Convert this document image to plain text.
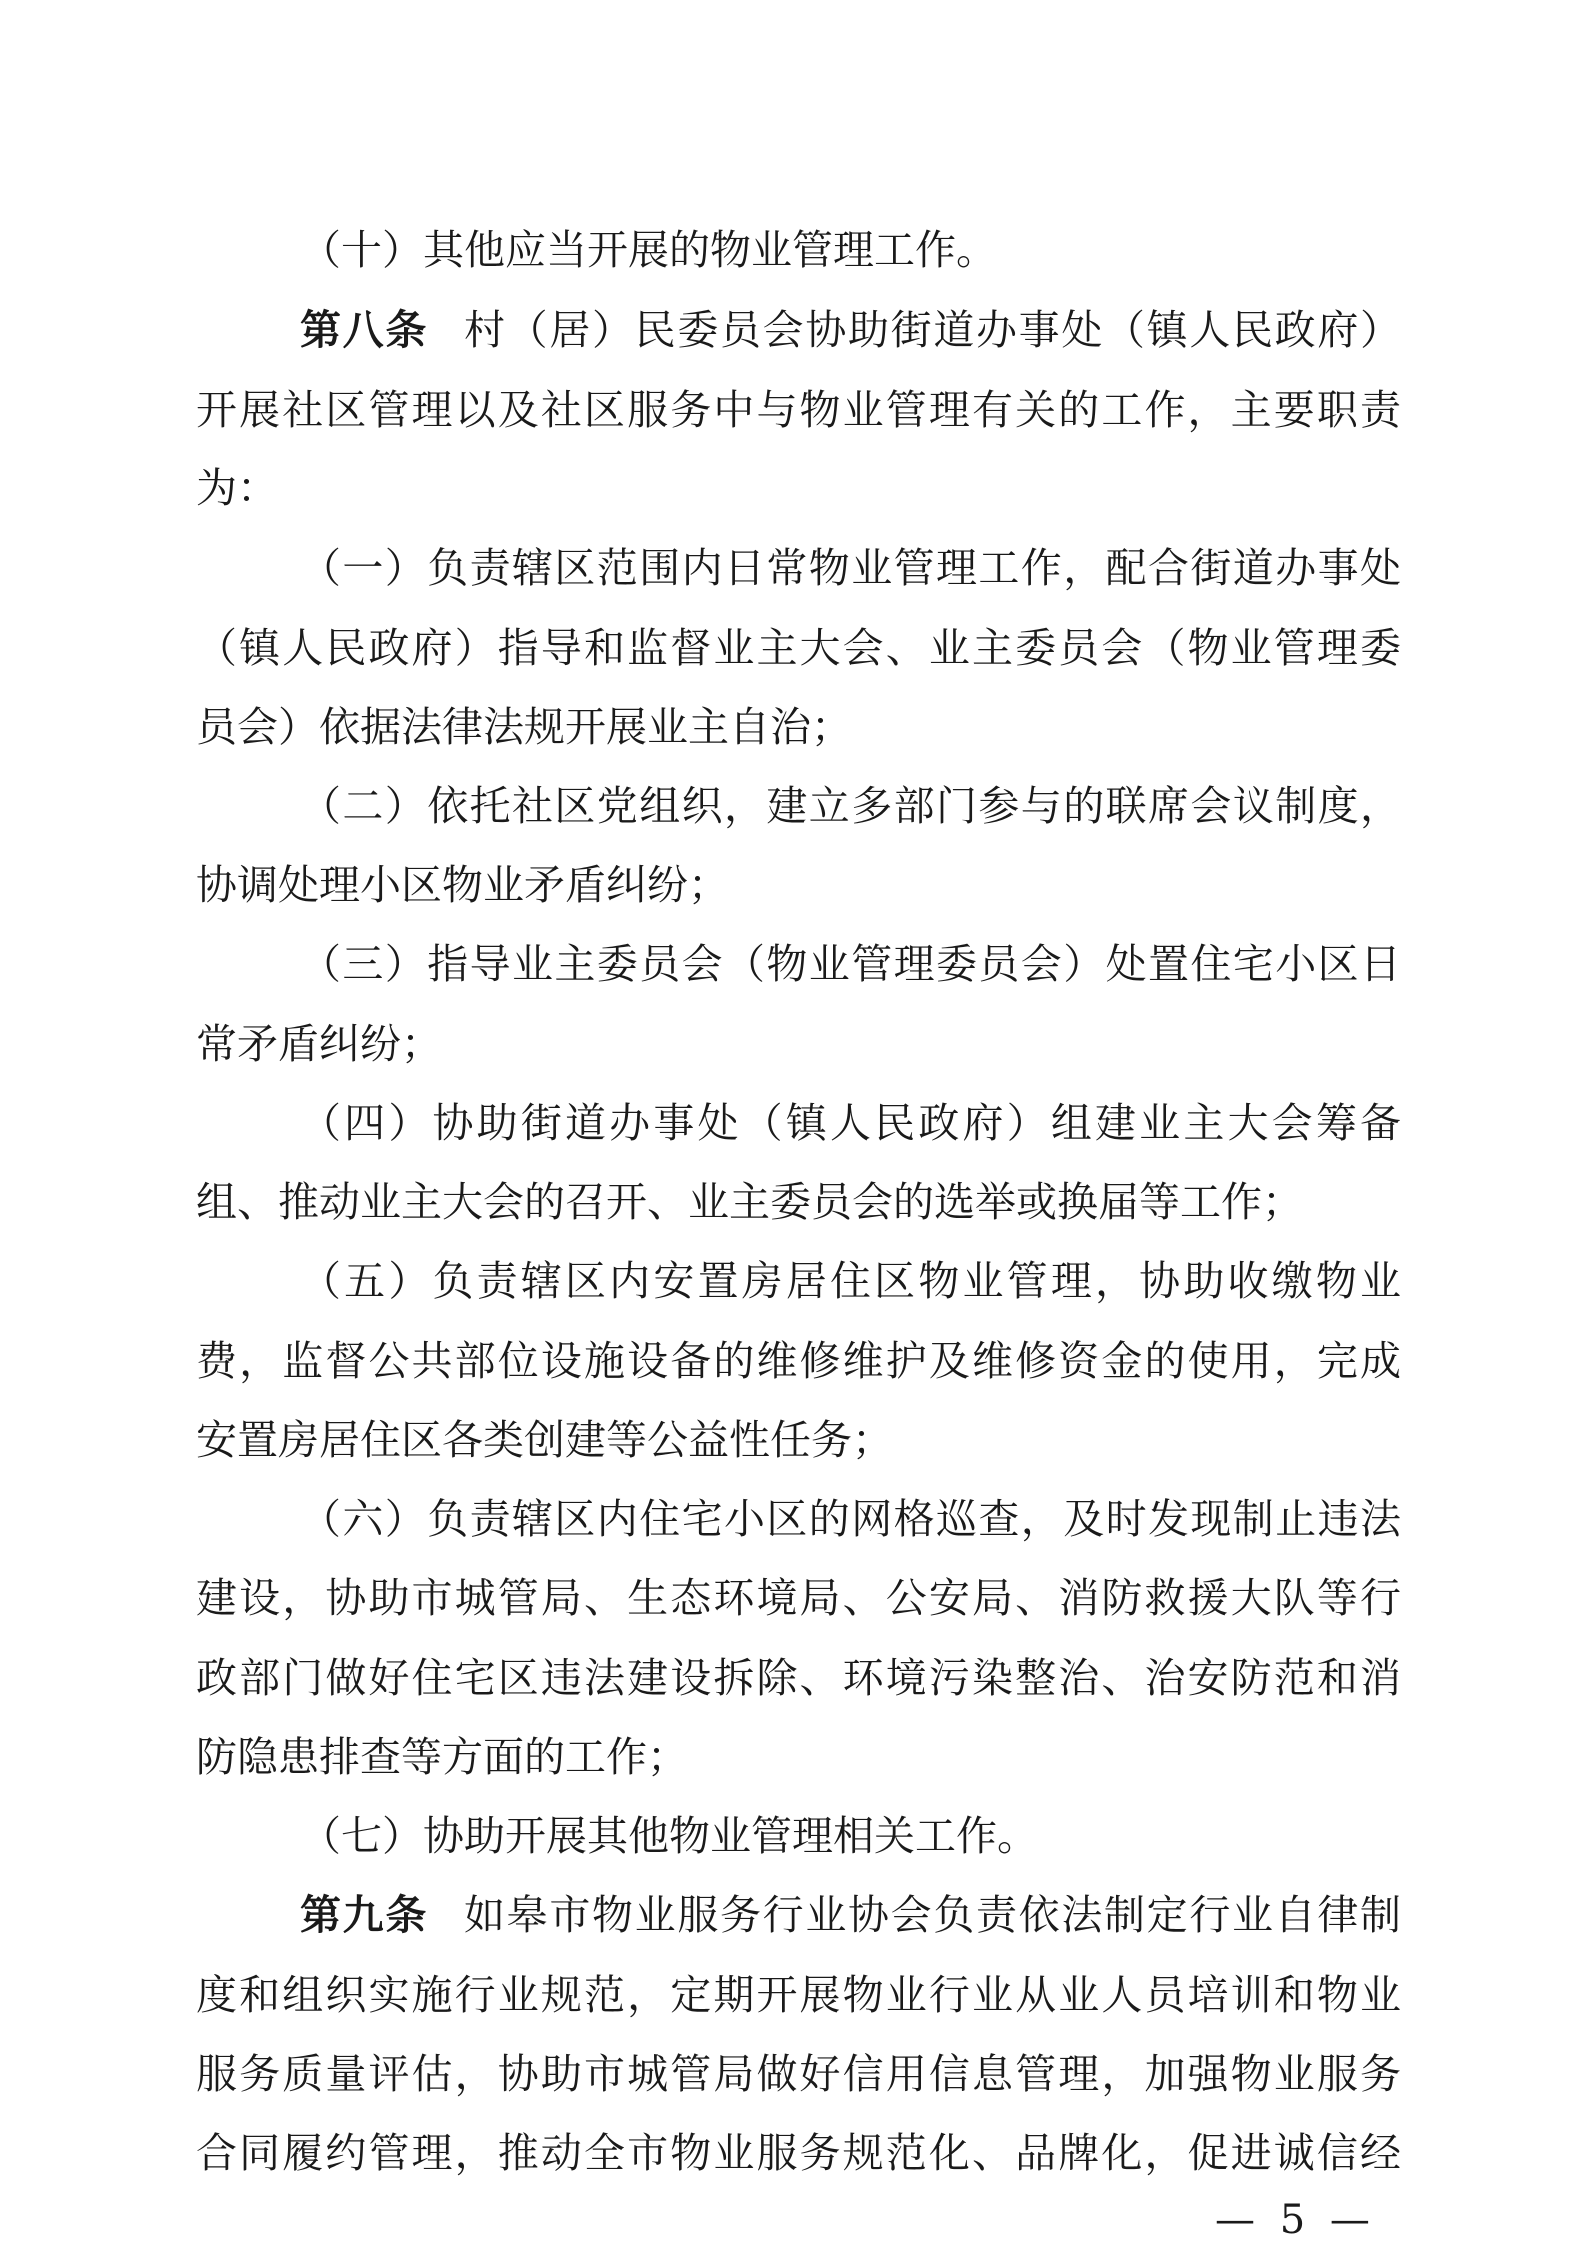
（十）其他应当开展的物业管理工作。
第八条 村（居）民委员会协助街道办事处（镇人民政府）
开展社区管理以及社区服务中与物业管理有关的工作，主要职责
为：
（一）负责辖区范围内日常物业管理工作，配合街道办事处
（镇人民政府）指导和监督业主大会、业主委员会（物业管理委
员会）依据法律法规开展业主自治；
（二）依托社区党组织，建立多部门参与的联席会议制度，
协调处理小区物业矛盾纠纷；
（三）指导业主委员会（物业管理委员会）处置住宅小区日
常矛盾纠纷；
（四）协助街道办事处（镇人民政府）组建业主大会筹备
组、推动业主大会的召开、业主委员会的选举或换届等工作；
（五）负责辖区内安置房居住区物业管理，协助收缴物业
费，监督公共部位设施设备的维修维护及维修资金的使用，完成
安置房居住区各类创建等公益性任务；
（六）负责辖区内住宅小区的网格巡查，及时发现制止违法
建设，协助市城管局、生态环境局、公安局、消防救援大队等行
政部门做好住宅区违法建设拆除、环境污染整治、治安防范和消
防隐患排查等方面的工作；
（七）协助开展其他物业管理相关工作。
第九条 如皋市物业服务行业协会负责依法制定行业自律制
度和组织实施行业规范，定期开展物业行业从业人员培训和物业
服务质量评估，协助市城管局做好信用信息管理，加强物业服务
合同履约管理，推动全市物业服务规范化、品牌化，促进诚信经
— 5 —
